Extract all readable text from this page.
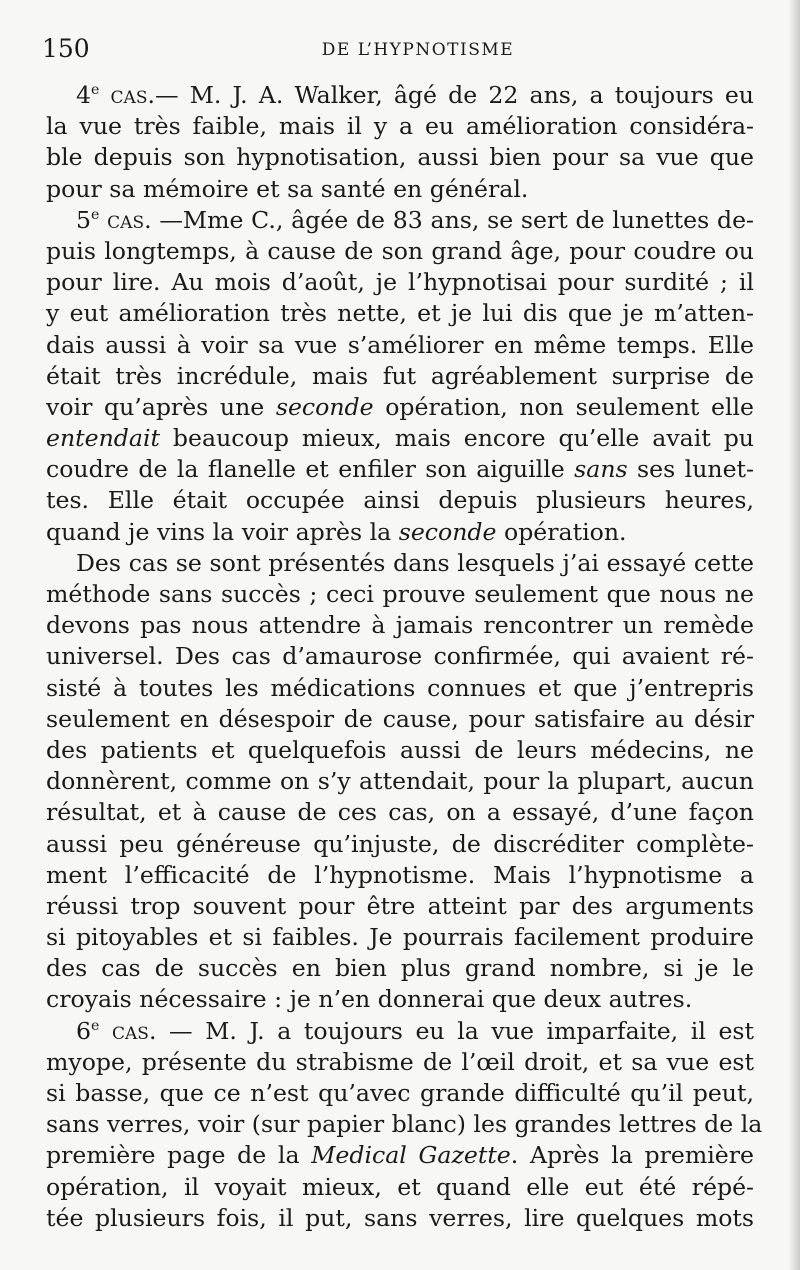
150	DE L’HYPNOTISME
4e cas.— M. J. A. Walker, âgé de 22 ans, a toujours eu
la vue très faible, mais il y a eu amélioration considéra-
ble depuis son hypnotisation, aussi bien pour sa vue que
pour sa mémoire et sa santé en général.
5e cas. —Mme C., âgée de 83 ans, se sert de lunettes de-
puis longtemps, à cause de son grand âge, pour coudre ou
pour lire. Au mois d’août, je l’hypnotisai pour surdité ; il
y eut amélioration très nette, et je lui dis que je m’atten-
dais aussi à voir sa vue s’améliorer en même temps. Elle
était très incrédule, mais fut agréablement surprise de
voir qu’après une seconde opération, non seulement elle
entendait beaucoup mieux, mais encore qu’elle avait pu
coudre de la flanelle et enfiler son aiguille sans ses lunet-
tes. Elle était occupée ainsi depuis plusieurs heures,
quand je vins la voir après la seconde opération.
Des cas se sont présentés dans lesquels j’ai essayé cette
méthode sans succès ; ceci prouve seulement que nous ne
devons pas nous attendre à jamais rencontrer un remède
universel. Des cas d’amaurose confirmée, qui avaient ré-
sisté à toutes les médications connues et que j’entrepris
seulement en désespoir de cause, pour satisfaire au désir
des patients et quelquefois aussi de leurs médecins, ne
donnèrent, comme on s’y attendait, pour la plupart, aucun
résultat, et à cause de ces cas, on a essayé, d’une façon
aussi peu généreuse qu’injuste, de discréditer complète-
ment l’efficacité de l’hypnotisme. Mais l’hypnotisme a
réussi trop souvent pour être atteint par des arguments
si pitoyables et si faibles. Je pourrais facilement produire
des cas de succès en bien plus grand nombre, si je le
croyais nécessaire : je n’en donnerai que deux autres.
6e cas. — M. J. a toujours eu la vue imparfaite, il est
myope, présente du strabisme de l’œil droit, et sa vue est
si basse, que ce n’est qu’avec grande difficulté qu’il peut,
sans verres, voir (sur papier blanc) les grandes lettres de la
première page de la Medical Gazette. Après la première
opération, il voyait mieux, et quand elle eut été répé-
tée plusieurs fois, il put, sans verres, lire quelques mots
